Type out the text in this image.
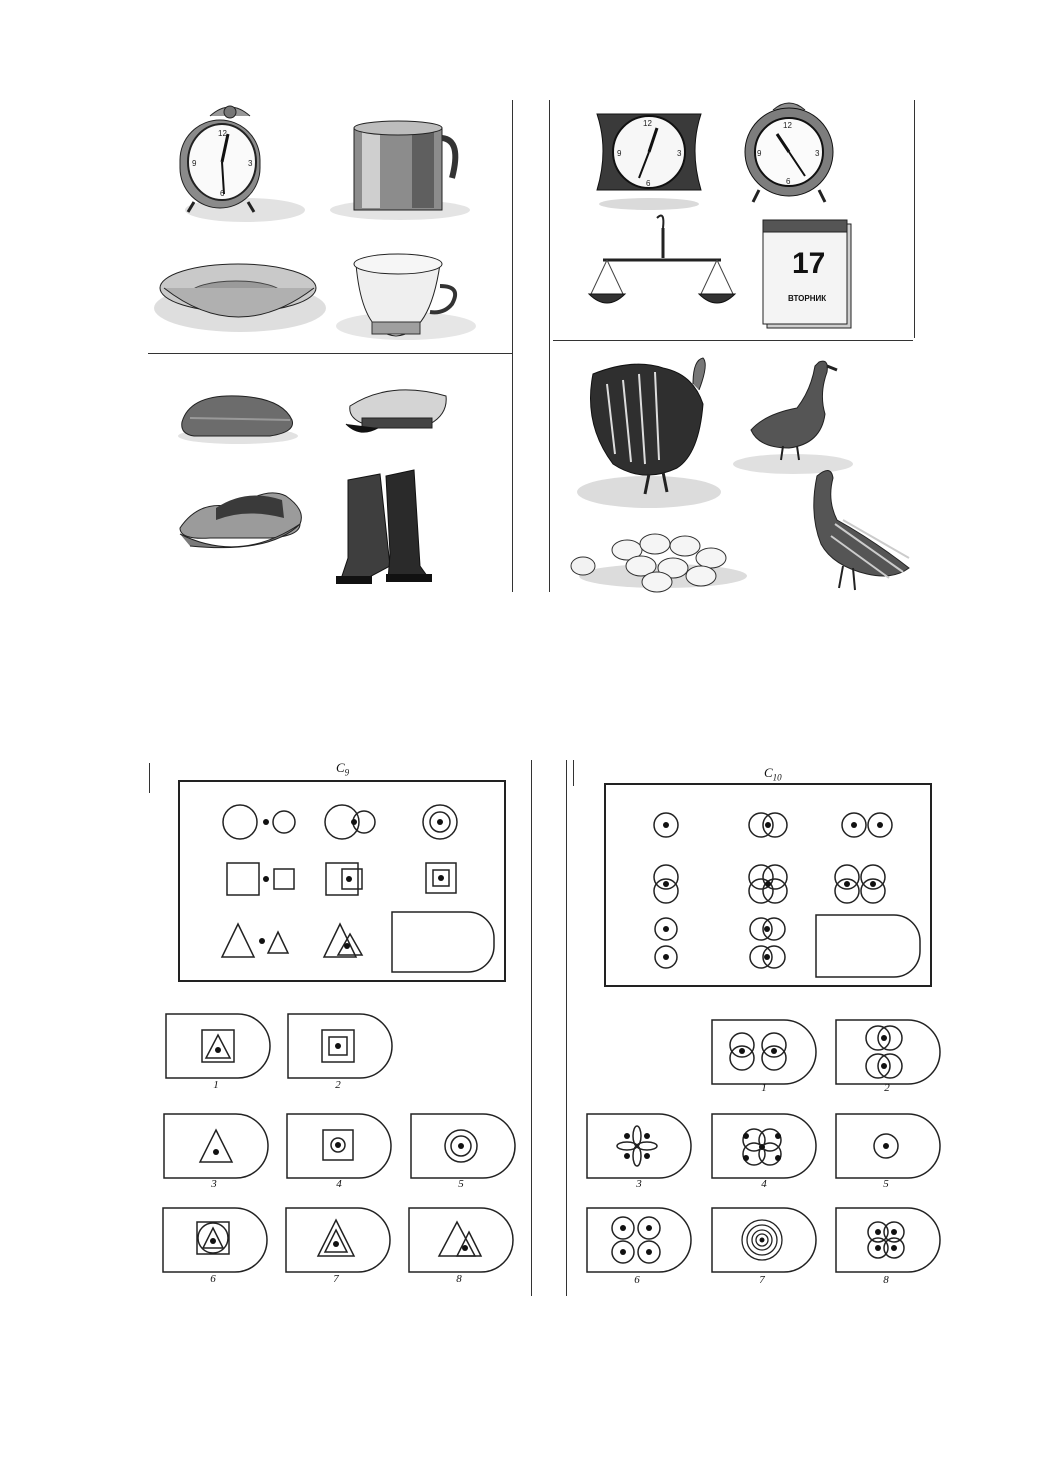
12
3
9
6
12
3
9
6
12
3
9
6
17
ВТОРНИК
$С_9$	$С_{10}$
1	2
3	4	5
6	7	8
1	2
3	4	5
6	7	8
